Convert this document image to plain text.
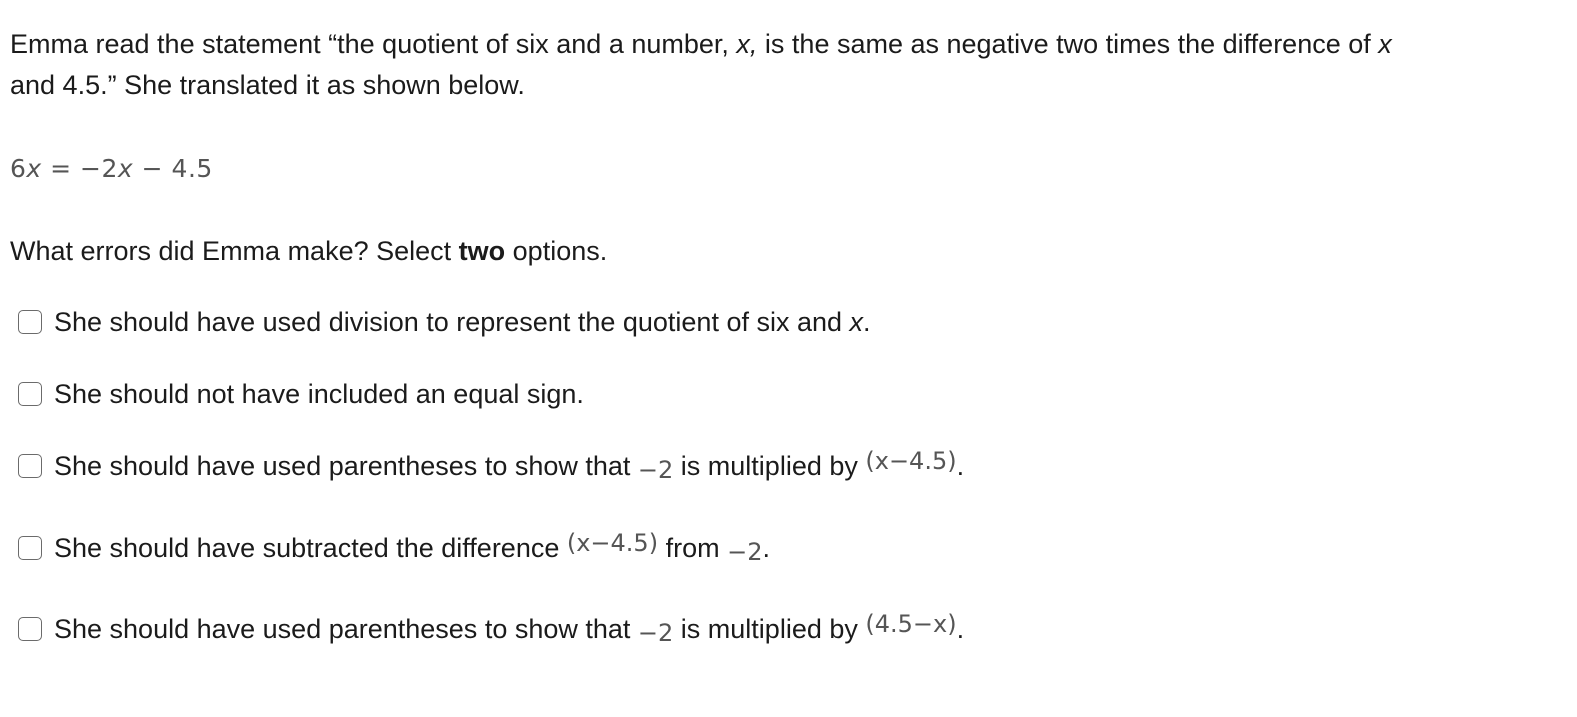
Emma read the statement “the quotient of six and a number, x, is the same as negative two times the difference of x
and 4.5.” She translated it as shown below.
6x = −2x − 4.5
What errors did Emma make? Select two options.
She should have used division to represent the quotient of six and x.
She should not have included an equal sign.
She should have used parentheses to show that −2 is multiplied by (x−4.5).
She should have subtracted the difference (x−4.5) from −2.
She should have used parentheses to show that −2 is multiplied by (4.5−x).
